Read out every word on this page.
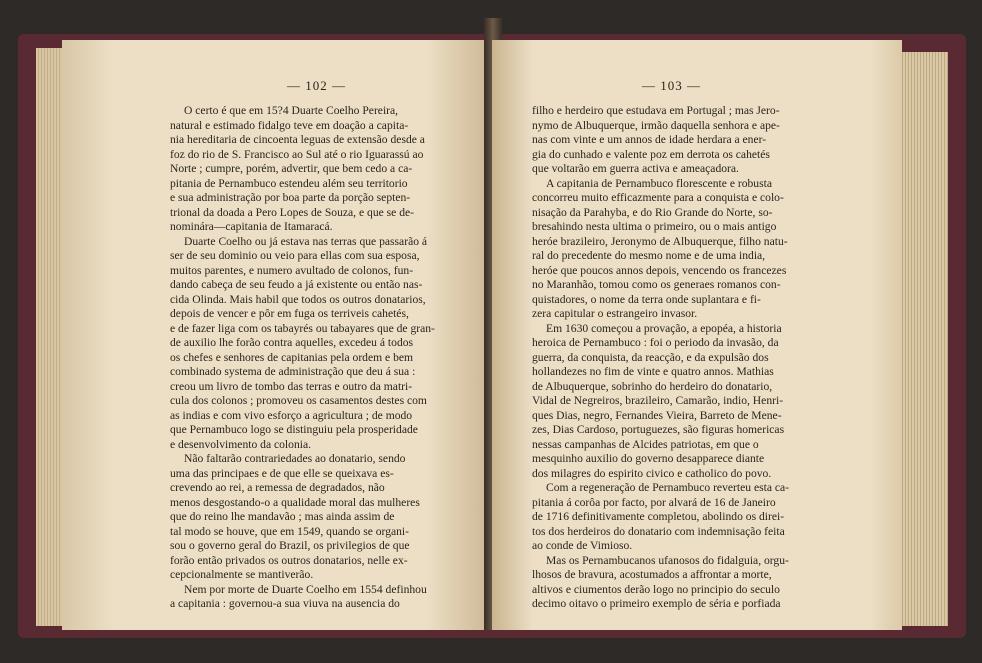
— 102 —
O certo é que em 15?4 Duarte Coelho Pereira,
natural e estimado fidalgo teve em doação a capita-
nia hereditaria de cincoenta leguas de extensão desde a
foz do rio de S. Francisco ao Sul até o rio Iguarassú ao
Norte ; cumpre, porém, advertir, que bem cedo a ca-
pitania de Pernambuco estendeu além seu territorio
e sua administração por boa parte da porção septen-
trional da doada a Pero Lopes de Souza, e que se de-
nominára—capitania de Itamaracá.
Duarte Coelho ou já estava nas terras que passarão á
ser de seu dominio ou veio para ellas com sua esposa,
muitos parentes, e numero avultado de colonos, fun-
dando cabeça de seu feudo a já existente ou então nas-
cida Olinda. Mais habil que todos os outros donatarios,
depois de vencer e pôr em fuga os terriveis cahetés,
e de fazer liga com os tabayrés ou tabayares que de gran-
de auxilio lhe forão contra aquelles, excedeu á todos
os chefes e senhores de capitanias pela ordem e bem
combinado systema de administração que deu á sua :
creou um livro de tombo das terras e outro da matri-
cula dos colonos ; promoveu os casamentos destes com
as indias e com vivo esforço a agricultura ; de modo
que Pernambuco logo se distinguiu pela prosperidade
e desenvolvimento da colonia.
Não faltarão contrariedades ao donatario, sendo
uma das principaes e de que elle se queixava es-
crevendo ao rei, a remessa de degradados, não
menos desgostando-o a qualidade moral das mulheres
que do reino lhe mandavão ; mas ainda assim de
tal modo se houve, que em 1549, quando se organi-
sou o governo geral do Brazil, os privilegios de que
forão então privados os outros donatarios, nelle ex-
cepcionalmente se mantiverão.
Nem por morte de Duarte Coelho em 1554 definhou
a capitania : governou-a sua viuva na ausencia do
— 103 —
filho e herdeiro que estudava em Portugal ; mas Jero-
nymo de Albuquerque, irmão daquella senhora e ape-
nas com vinte e um annos de idade herdara a ener-
gia do cunhado e valente poz em derrota os cahetés
que voltarão em guerra activa e ameaçadora.
A capitania de Pernambuco florescente e robusta
concorreu muito efficazmente para a conquista e colo-
nisação da Parahyba, e do Rio Grande do Norte, so-
bresahindo nesta ultima o primeiro, ou o mais antigo
heróe brazileiro, Jeronymo de Albuquerque, filho natu-
ral do precedente do mesmo nome e de uma india,
heróe que poucos annos depois, vencendo os francezes
no Maranhão, tomou como os generaes romanos con-
quistadores, o nome da terra onde suplantara e fi-
zera capitular o estrangeiro invasor.
Em 1630 começou a provação, a epopéa, a historia
heroica de Pernambuco : foi o periodo da invasão, da
guerra, da conquista, da reacção, e da expulsão dos
hollandezes no fim de vinte e quatro annos. Mathias
de Albuquerque, sobrinho do herdeiro do donatario,
Vidal de Negreiros, brazileiro, Camarão, indio, Henri-
ques Dias, negro, Fernandes Vieira, Barreto de Mene-
zes, Dias Cardoso, portuguezes, são figuras homericas
nessas campanhas de Alcides patriotas, em que o
mesquinho auxilio do governo desapparece diante
dos milagres do espirito civico e catholico do povo.
Com a regeneração de Pernambuco reverteu esta ca-
pitania á corôa por facto, por alvará de 16 de Janeiro
de 1716 definitivamente completou, abolindo os direi-
tos dos herdeiros do donatario com indemnisação feita
ao conde de Vimioso.
Mas os Pernambucanos ufanosos do fidalguia, orgu-
lhosos de bravura, acostumados a affrontar a morte,
altivos e ciumentos derão logo no principio do seculo
decimo oitavo o primeiro exemplo de séria e porfiada
